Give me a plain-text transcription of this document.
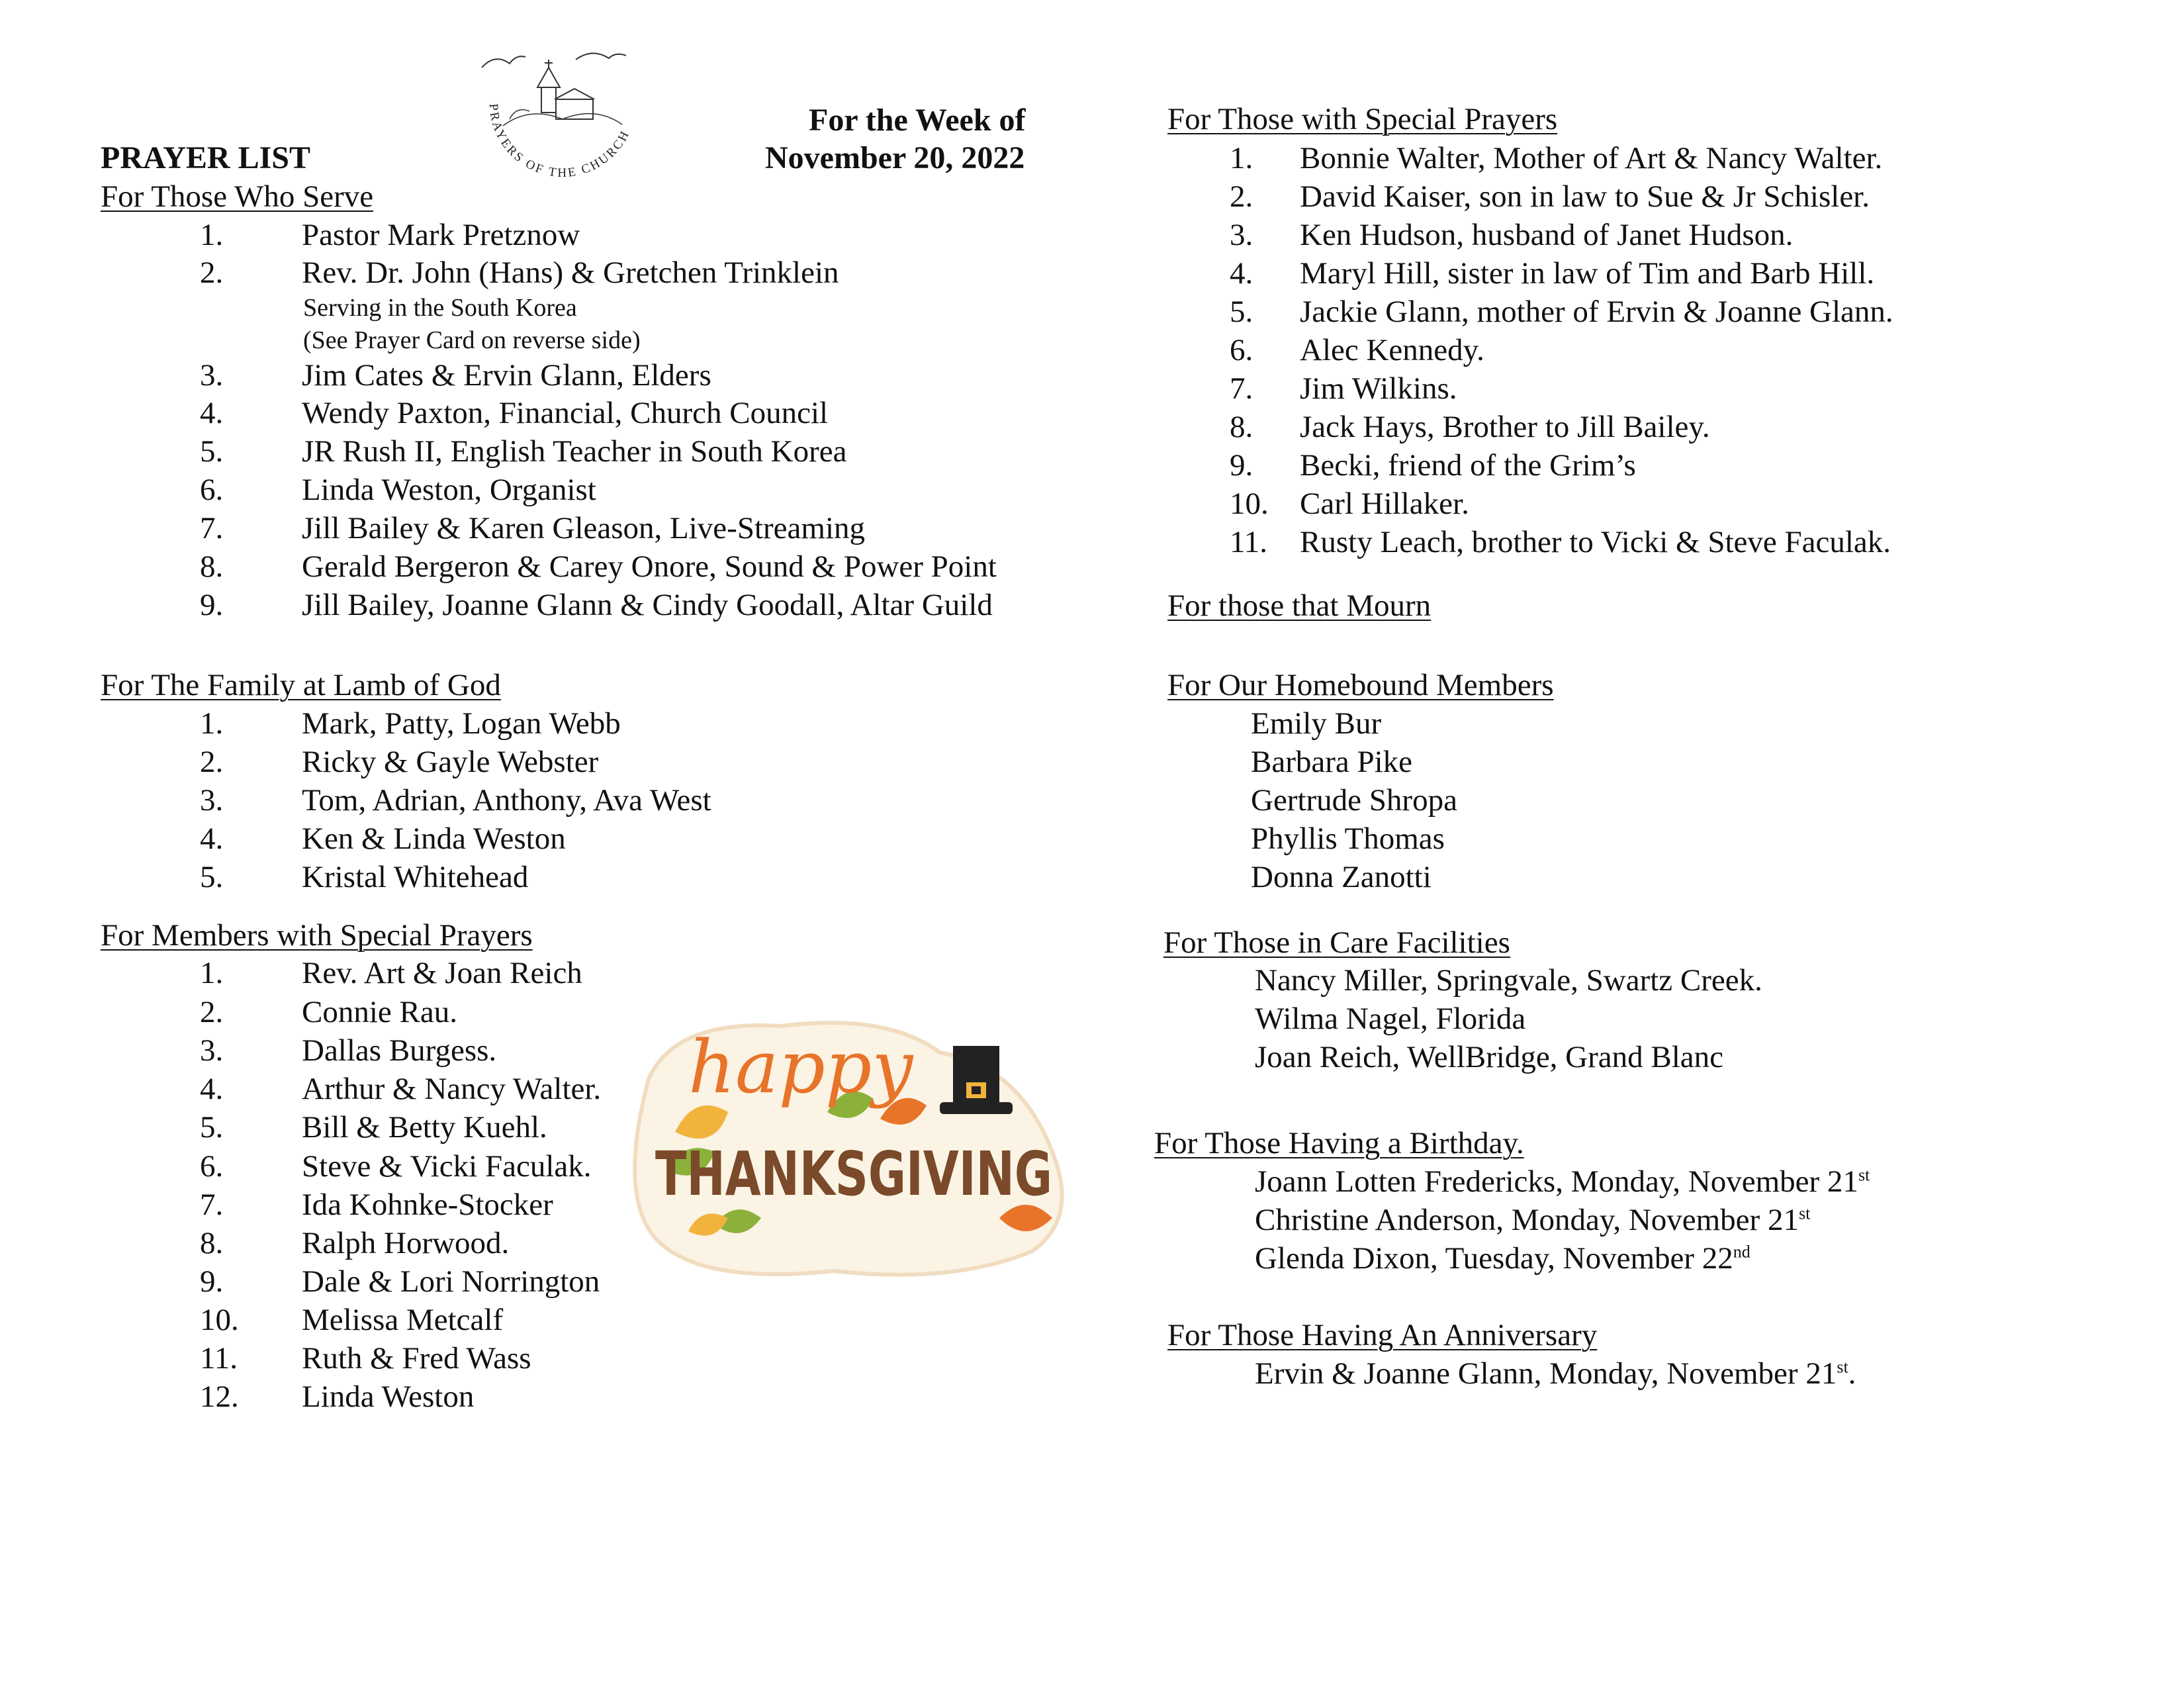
PRAYER LIST
PRAYERS OF THE CHURCH	For the Week of
November 20, 2022
For Those Who Serve
1.	Pastor Mark Pretznow
2.	Rev. Dr. John (Hans) & Gretchen Trinklein
3.	Jim Cates & Ervin Glann, Elders
4.	Wendy Paxton, Financial, Church Council
5.	JR Rush II, English Teacher in South Korea
6.	Linda Weston, Organist
7.	Jill Bailey & Karen Gleason, Live-Streaming
8.	Gerald Bergeron & Carey Onore, Sound & Power Point
9.	Jill Bailey, Joanne Glann & Cindy Goodall, Altar Guild
Serving in the South Korea
(See Prayer Card on reverse side)
For The Family at Lamb of God
1.	Mark, Patty, Logan Webb
2.	Ricky & Gayle Webster
3.	Tom, Adrian, Anthony, Ava West
4.	Ken & Linda Weston
5.	Kristal Whitehead
For Members with Special Prayers
1.	Rev. Art & Joan Reich
2.	Connie Rau.
3.	Dallas Burgess.
4.	Arthur & Nancy Walter.
5.	Bill & Betty Kuehl.
6.	Steve & Vicki Faculak.
7.	Ida Kohnke-Stocker
8.	Ralph Horwood.
9.	Dale & Lori Norrington
10. Melissa Metcalf
11. Ruth & Fred Wass
12. Linda Weston
happy
THANKSGIVING
For Those with Special Prayers
1. Bonnie Walter, Mother of Art & Nancy Walter.
2. David Kaiser, son in law to Sue & Jr Schisler.
3. Ken Hudson, husband of Janet Hudson.
4. Maryl Hill, sister in law of Tim and Barb Hill.
5. Jackie Glann, mother of Ervin & Joanne Glann.
6. Alec Kennedy.
7. Jim Wilkins.
8. Jack Hays, Brother to Jill Bailey.
9. Becki, friend of the Grim’s
10. Carl Hillaker.
11. Rusty Leach, brother to Vicki & Steve Faculak.
For those that Mourn
For Our Homebound Members
Emily Bur
Barbara Pike
Gertrude Shropa
Phyllis Thomas
Donna Zanotti
For Those in Care Facilities
Nancy Miller, Springvale, Swartz Creek.
Wilma Nagel, Florida
Joan Reich, WellBridge, Grand Blanc
For Those Having a Birthday.
Joann Lotten Fredericks, Monday, November 21st
Christine Anderson, Monday, November 21st
Glenda Dixon, Tuesday, November 22nd
For Those Having An Anniversary
Ervin & Joanne Glann, Monday, November 21st.
